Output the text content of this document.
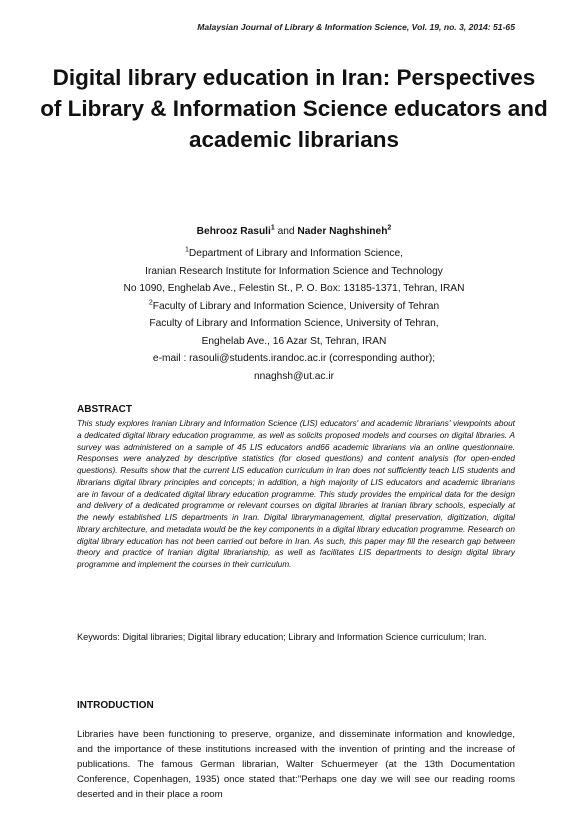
Malaysian Journal of Library & Information Science, Vol. 19, no. 3, 2014: 51-65
Digital library education in Iran: Perspectives of Library & Information Science educators and academic librarians
Behrooz Rasuli$^1$ and Nader Naghshineh$^2$
$^1$Department of Library and Information Science,
Iranian Research Institute for Information Science and Technology
No 1090, Enghelab Ave., Felestin St., P. O. Box: 13185-1371, Tehran, IRAN
$^2$Faculty of Library and Information Science, University of Tehran
Faculty of Library and Information Science, University of Tehran,
Enghelab Ave., 16 Azar St, Tehran, IRAN
e-mail : rasouli@students.irandoc.ac.ir (corresponding author);
nnaghsh@ut.ac.ir
ABSTRACT
This study explores Iranian Library and Information Science (LIS) educators' and academic librarians' viewpoints about a dedicated digital library education programme, as well as solicits proposed models and courses on digital libraries. A survey was administered on a sample of 45 LIS educators and66 academic librarians via an online questionnaire. Responses were analyzed by descriptive statistics (for closed questions) and content analysis (for open-ended questions). Results show that the current LIS education curriculum in Iran does not sufficiently teach LIS students and librarians digital library principles and concepts; in addition, a high majority of LIS educators and academic librarians are in favour of a dedicated digital library education programme. This study provides the empirical data for the design and delivery of a dedicated programme or relevant courses on digital libraries at Iranian library schools, especially at the newly established LIS departments in Iran. Digital librarymanagement, digital preservation, digitization, digital library architecture, and metadata would be the key components in a digital library education programme. Research on digital library education has not been carried out before in Iran. As such, this paper may fill the research gap between theory and practice of Iranian digital librarianship, as well as facilitates LIS departments to design digital library programme and implement the courses in their curriculum.
Keywords: Digital libraries; Digital library education; Library and Information Science curriculum; Iran.
INTRODUCTION
Libraries have been functioning to preserve, organize, and disseminate information and knowledge, and the importance of these institutions increased with the invention of printing and the increase of publications. The famous German librarian, Walter Schuermeyer (at the 13th Documentation Conference, Copenhagen, 1935) once stated that:"Perhaps one day we will see our reading rooms deserted and in their place a room
